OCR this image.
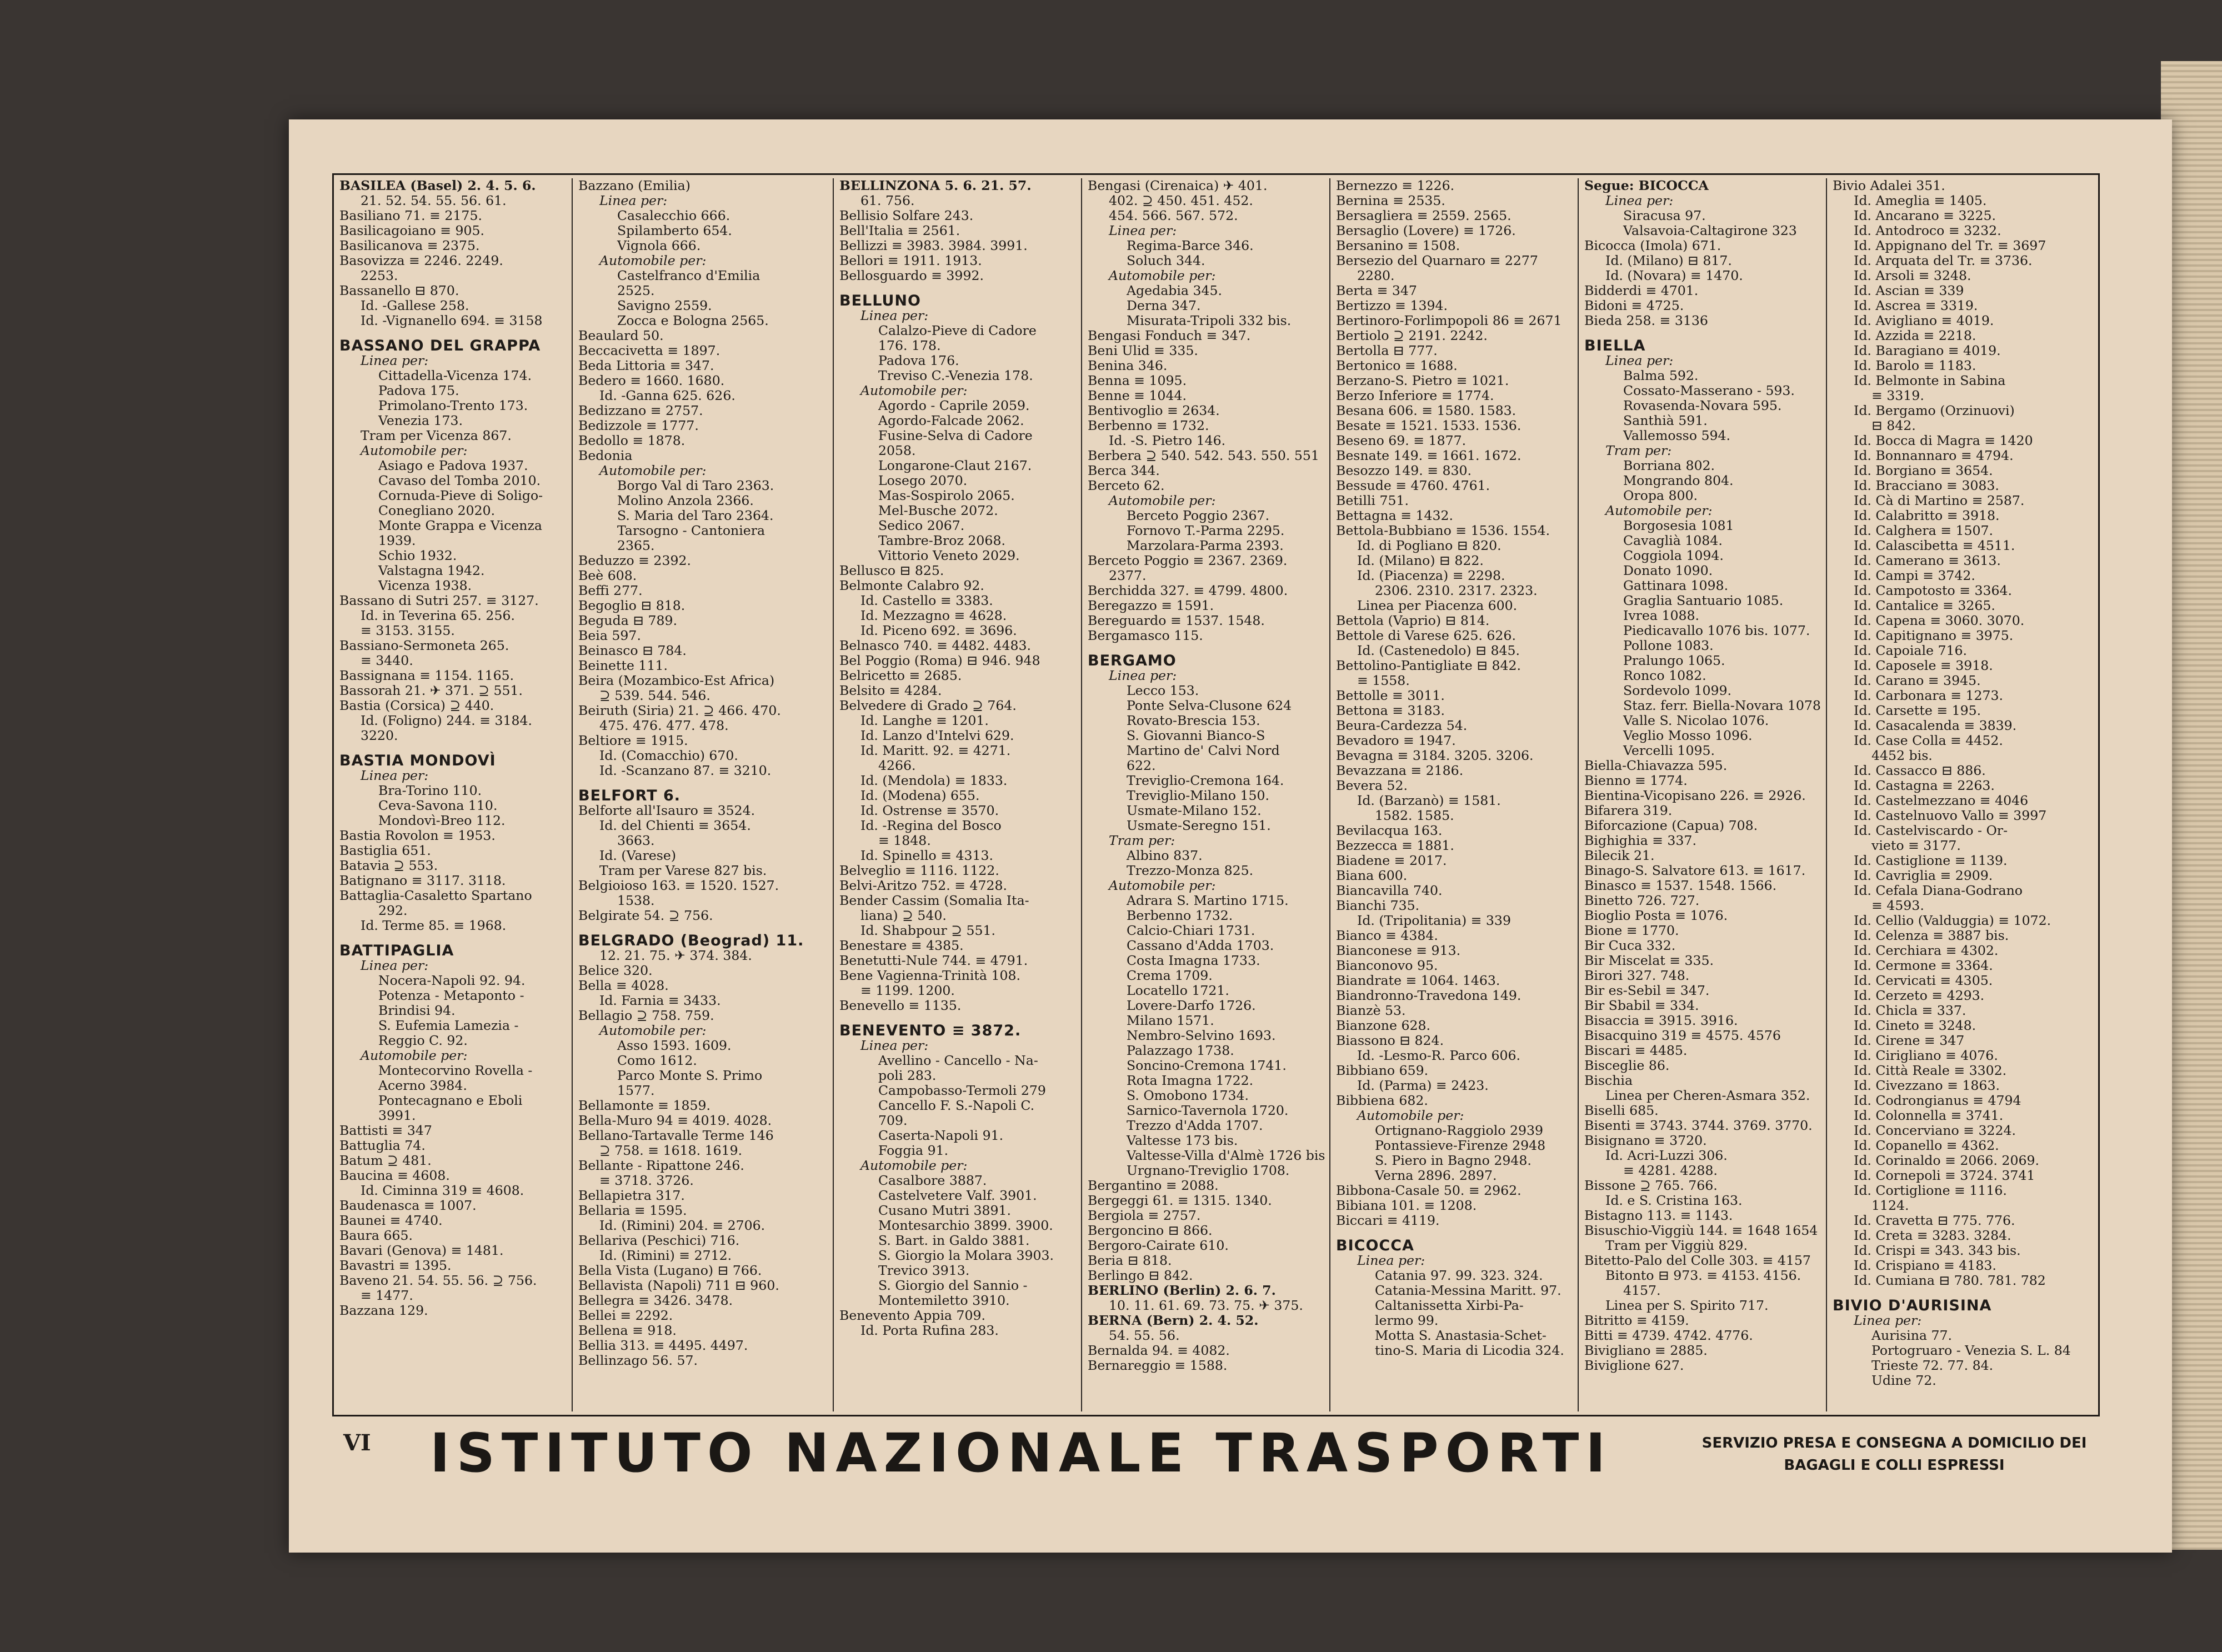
BASILEA (Basel) 2. 4. 5. 6.
21. 52. 54. 55. 56. 61.
Basiliano 71. ≡ 2175.
Basilicagoiano ≡ 905.
Basilicanova ≡ 2375.
Basovizza ≡ 2246. 2249.
2253.
Bassanello ⊟ 870.
Id. -Gallese 258.
Id. -Vignanello 694. ≡ 3158
BASSANO DEL GRAPPA
Linea per:
Cittadella-Vicenza 174.
Padova 175.
Primolano-Trento 173.
Venezia 173.
Tram per Vicenza 867.
Automobile per:
Asiago e Padova 1937.
Cavaso del Tomba 2010.
Cornuda-Pieve di Soligo-
Conegliano 2020.
Monte Grappa e Vicenza
1939.
Schio 1932.
Valstagna 1942.
Vicenza 1938.
Bassano di Sutri 257. ≡ 3127.
Id. in Teverina 65. 256.
≡ 3153. 3155.
Bassiano-Sermoneta 265.
≡ 3440.
Bassignana ≡ 1154. 1165.
Bassorah 21. ✈ 371. ⊇ 551.
Bastia (Corsica) ⊇ 440.
Id. (Foligno) 244. ≡ 3184.
3220.
BASTIA MONDOVÌ
Linea per:
Bra-Torino 110.
Ceva-Savona 110.
Mondovì-Breo 112.
Bastia Rovolon ≡ 1953.
Bastiglia 651.
Batavia ⊇ 553.
Batignano ≡ 3117. 3118.
Battaglia-Casaletto Spartano
292.
Id. Terme 85. ≡ 1968.
BATTIPAGLIA
Linea per:
Nocera-Napoli 92. 94.
Potenza - Metaponto -
Brindisi 94.
S. Eufemia Lamezia -
Reggio C. 92.
Automobile per:
Montecorvino Rovella -
Acerno 3984.
Pontecagnano e Eboli
3991.
Battisti ≡ 347
Battuglia 74.
Batum ⊇ 481.
Baucina ≡ 4608.
Id. Ciminna 319 ≡ 4608.
Baudenasca ≡ 1007.
Baunei ≡ 4740.
Baura 665.
Bavari (Genova) ≡ 1481.
Bavastri ≡ 1395.
Baveno 21. 54. 55. 56. ⊇ 756.
≡ 1477.
Bazzana 129.
Bazzano (Emilia)
Linea per:
Casalecchio 666.
Spilamberto 654.
Vignola 666.
Automobile per:
Castelfranco d'Emilia
2525.
Savigno 2559.
Zocca e Bologna 2565.
Beaulard 50.
Beccacivetta ≡ 1897.
Beda Littoria ≡ 347.
Bedero ≡ 1660. 1680.
Id. -Ganna 625. 626.
Bedizzano ≡ 2757.
Bedizzole ≡ 1777.
Bedollo ≡ 1878.
Bedonia
Automobile per:
Borgo Val di Taro 2363.
Molino Anzola 2366.
S. Maria del Taro 2364.
Tarsogno - Cantoniera
2365.
Beduzzo ≡ 2392.
Beè 608.
Beffi 277.
Begoglio ⊟ 818.
Beguda ⊟ 789.
Beia 597.
Beinasco ⊟ 784.
Beinette 111.
Beira (Mozambico-Est Africa)
⊇ 539. 544. 546.
Beiruth (Siria) 21. ⊇ 466. 470.
475. 476. 477. 478.
Beltiore ≡ 1915.
Id. (Comacchio) 670.
Id. -Scanzano 87. ≡ 3210.
BELFORT 6.
Belforte all'Isauro ≡ 3524.
Id. del Chienti ≡ 3654.
3663.
Id. (Varese)
Tram per Varese 827 bis.
Belgioioso 163. ≡ 1520. 1527.
1538.
Belgirate 54. ⊇ 756.
BELGRADO (Beograd) 11.
12. 21. 75. ✈ 374. 384.
Belice 320.
Bella ≡ 4028.
Id. Farnia ≡ 3433.
Bellagio ⊇ 758. 759.
Automobile per:
Asso 1593. 1609.
Como 1612.
Parco Monte S. Primo
1577.
Bellamonte ≡ 1859.
Bella-Muro 94 ≡ 4019. 4028.
Bellano-Tartavalle Terme 146
⊇ 758. ≡ 1618. 1619.
Bellante - Ripattone 246.
≡ 3718. 3726.
Bellapietra 317.
Bellaria ≡ 1595.
Id. (Rimini) 204. ≡ 2706.
Bellariva (Peschici) 716.
Id. (Rimini) ≡ 2712.
Bella Vista (Lugano) ⊟ 766.
Bellavista (Napoli) 711 ⊟ 960.
Bellegra ≡ 3426. 3478.
Bellei ≡ 2292.
Bellena ≡ 918.
Bellia 313. ≡ 4495. 4497.
Bellinzago 56. 57.
BELLINZONA 5. 6. 21. 57.
61. 756.
Bellisio Solfare 243.
Bell'Italia ≡ 2561.
Bellizzi ≡ 3983. 3984. 3991.
Bellori ≡ 1911. 1913.
Bellosguardo ≡ 3992.
BELLUNO
Linea per:
Calalzo-Pieve di Cadore
176. 178.
Padova 176.
Treviso C.-Venezia 178.
Automobile per:
Agordo - Caprile 2059.
Agordo-Falcade 2062.
Fusine-Selva di Cadore
2058.
Longarone-Claut 2167.
Losego 2070.
Mas-Sospirolo 2065.
Mel-Busche 2072.
Sedico 2067.
Tambre-Broz 2068.
Vittorio Veneto 2029.
Bellusco ⊟ 825.
Belmonte Calabro 92.
Id. Castello ≡ 3383.
Id. Mezzagno ≡ 4628.
Id. Piceno 692. ≡ 3696.
Belnasco 740. ≡ 4482. 4483.
Bel Poggio (Roma) ⊟ 946. 948
Belricetto ≡ 2685.
Belsito ≡ 4284.
Belvedere di Grado ⊇ 764.
Id. Langhe ≡ 1201.
Id. Lanzo d'Intelvi 629.
Id. Maritt. 92. ≡ 4271.
4266.
Id. (Mendola) ≡ 1833.
Id. (Modena) 655.
Id. Ostrense ≡ 3570.
Id. -Regina del Bosco
≡ 1848.
Id. Spinello ≡ 4313.
Belveglio ≡ 1116. 1122.
Belvi-Aritzo 752. ≡ 4728.
Bender Cassim (Somalia Ita-
liana) ⊇ 540.
Id. Shabpour ⊇ 551.
Benestare ≡ 4385.
Benetutti-Nule 744. ≡ 4791.
Bene Vagienna-Trinità 108.
≡ 1199. 1200.
Benevello ≡ 1135.
BENEVENTO ≡ 3872.
Linea per:
Avellino - Cancello - Na-
poli 283.
Campobasso-Termoli 279
Cancello F. S.-Napoli C.
709.
Caserta-Napoli 91.
Foggia 91.
Automobile per:
Casalbore 3887.
Castelvetere Valf. 3901.
Cusano Mutri 3891.
Montesarchio 3899. 3900.
S. Bart. in Galdo 3881.
S. Giorgio la Molara 3903.
Trevico 3913.
S. Giorgio del Sannio -
Montemiletto 3910.
Benevento Appia 709.
Id. Porta Rufina 283.
Bengasi (Cirenaica) ✈ 401.
402. ⊇ 450. 451. 452.
454. 566. 567. 572.
Linea per:
Regima-Barce 346.
Soluch 344.
Automobile per:
Agedabia 345.
Derna 347.
Misurata-Tripoli 332 bis.
Bengasi Fonduch ≡ 347.
Beni Ulid ≡ 335.
Benina 346.
Benna ≡ 1095.
Benne ≡ 1044.
Bentivoglio ≡ 2634.
Berbenno ≡ 1732.
Id. -S. Pietro 146.
Berbera ⊇ 540. 542. 543. 550. 551
Berca 344.
Berceto 62.
Automobile per:
Berceto Poggio 2367.
Fornovo T.-Parma 2295.
Marzolara-Parma 2393.
Berceto Poggio ≡ 2367. 2369.
2377.
Berchidda 327. ≡ 4799. 4800.
Beregazzo ≡ 1591.
Bereguardo ≡ 1537. 1548.
Bergamasco 115.
BERGAMO
Linea per:
Lecco 153.
Ponte Selva-Clusone 624
Rovato-Brescia 153.
S. Giovanni Bianco-S
Martino de' Calvi Nord
622.
Treviglio-Cremona 164.
Treviglio-Milano 150.
Usmate-Milano 152.
Usmate-Seregno 151.
Tram per:
Albino 837.
Trezzo-Monza 825.
Automobile per:
Adrara S. Martino 1715.
Berbenno 1732.
Calcio-Chiari 1731.
Cassano d'Adda 1703.
Costa Imagna 1733.
Crema 1709.
Locatello 1721.
Lovere-Darfo 1726.
Milano 1571.
Nembro-Selvino 1693.
Palazzago 1738.
Soncino-Cremona 1741.
Rota Imagna 1722.
S. Omobono 1734.
Sarnico-Tavernola 1720.
Trezzo d'Adda 1707.
Valtesse 173 bis.
Valtesse-Villa d'Almè 1726 bis
Urgnano-Treviglio 1708.
Bergantino ≡ 2088.
Bergeggi 61. ≡ 1315. 1340.
Bergiola ≡ 2757.
Bergoncino ⊟ 866.
Bergoro-Cairate 610.
Beria ⊟ 818.
Berlingo ⊟ 842.
BERLINO (Berlin) 2. 6. 7.
10. 11. 61. 69. 73. 75. ✈ 375.
BERNA (Bern) 2. 4. 52.
54. 55. 56.
Bernalda 94. ≡ 4082.
Bernareggio ≡ 1588.
Bernezzo ≡ 1226.
Bernina ≡ 2535.
Bersagliera ≡ 2559. 2565.
Bersaglio (Lovere) ≡ 1726.
Bersanino ≡ 1508.
Bersezio del Quarnaro ≡ 2277
2280.
Berta ≡ 347
Bertizzo ≡ 1394.
Bertinoro-Forlimpopoli 86 ≡ 2671
Bertiolo ⊇ 2191. 2242.
Bertolla ⊟ 777.
Bertonico ≡ 1688.
Berzano-S. Pietro ≡ 1021.
Berzo Inferiore ≡ 1774.
Besana 606. ≡ 1580. 1583.
Besate ≡ 1521. 1533. 1536.
Beseno 69. ≡ 1877.
Besnate 149. ≡ 1661. 1672.
Besozzo 149. ≡ 830.
Bessude ≡ 4760. 4761.
Betilli 751.
Bettagna ≡ 1432.
Bettola-Bubbiano ≡ 1536. 1554.
Id. di Pogliano ⊟ 820.
Id. (Milano) ⊟ 822.
Id. (Piacenza) ≡ 2298.
2306. 2310. 2317. 2323.
Linea per Piacenza 600.
Bettola (Vaprio) ⊟ 814.
Bettole di Varese 625. 626.
Id. (Castenedolo) ⊟ 845.
Bettolino-Pantigliate ⊟ 842.
≡ 1558.
Bettolle ≡ 3011.
Bettona ≡ 3183.
Beura-Cardezza 54.
Bevadoro ≡ 1947.
Bevagna ≡ 3184. 3205. 3206.
Bevazzana ≡ 2186.
Bevera 52.
Id. (Barzanò) ≡ 1581.
1582. 1585.
Bevilacqua 163.
Bezzecca ≡ 1881.
Biadene ≡ 2017.
Biana 600.
Biancavilla 740.
Bianchi 735.
Id. (Tripolitania) ≡ 339
Bianco ≡ 4384.
Bianconese ≡ 913.
Bianconovo 95.
Biandrate ≡ 1064. 1463.
Biandronno-Travedona 149.
Bianzè 53.
Bianzone 628.
Biassono ⊟ 824.
Id. -Lesmo-R. Parco 606.
Bibbiano 659.
Id. (Parma) ≡ 2423.
Bibbiena 682.
Automobile per:
Ortignano-Raggiolo 2939
Pontassieve-Firenze 2948
S. Piero in Bagno 2948.
Verna 2896. 2897.
Bibbona-Casale 50. ≡ 2962.
Bibiana 101. ≡ 1208.
Biccari ≡ 4119.
BICOCCA
Linea per:
Catania 97. 99. 323. 324.
Catania-Messina Maritt. 97.
Caltanissetta Xirbi-Pa-
lermo 99.
Motta S. Anastasia-Schet-
tino-S. Maria di Licodia 324.
Segue: BICOCCA
Linea per:
Siracusa 97.
Valsavoia-Caltagirone 323
Bicocca (Imola) 671.
Id. (Milano) ⊟ 817.
Id. (Novara) ≡ 1470.
Bidderdi ≡ 4701.
Bidoni ≡ 4725.
Bieda 258. ≡ 3136
BIELLA
Linea per:
Balma 592.
Cossato-Masserano - 593.
Rovasenda-Novara 595.
Santhià 591.
Vallemosso 594.
Tram per:
Borriana 802.
Mongrando 804.
Oropa 800.
Automobile per:
Borgosesia 1081
Cavaglià 1084.
Coggiola 1094.
Donato 1090.
Gattinara 1098.
Graglia Santuario 1085.
Ivrea 1088.
Piedicavallo 1076 bis. 1077.
Pollone 1083.
Pralungo 1065.
Ronco 1082.
Sordevolo 1099.
Staz. ferr. Biella-Novara 1078
Valle S. Nicolao 1076.
Veglio Mosso 1096.
Vercelli 1095.
Biella-Chiavazza 595.
Bienno ≡ 1774.
Bientina-Vicopisano 226. ≡ 2926.
Bifarera 319.
Biforcazione (Capua) 708.
Bighighia ≡ 337.
Bilecik 21.
Binago-S. Salvatore 613. ≡ 1617.
Binasco ≡ 1537. 1548. 1566.
Binetto 726. 727.
Bioglio Posta ≡ 1076.
Bione ≡ 1770.
Bir Cuca 332.
Bir Miscelat ≡ 335.
Birori 327. 748.
Bir es-Sebil ≡ 347.
Bir Sbabil ≡ 334.
Bisaccia ≡ 3915. 3916.
Bisacquino 319 ≡ 4575. 4576
Biscari ≡ 4485.
Bisceglie 86.
Bischia
Linea per Cheren-Asmara 352.
Biselli 685.
Bisenti ≡ 3743. 3744. 3769. 3770.
Bisignano ≡ 3720.
Id. Acri-Luzzi 306.
≡ 4281. 4288.
Bissone ⊇ 765. 766.
Id. e S. Cristina 163.
Bistagno 113. ≡ 1143.
Bisuschio-Viggiù 144. ≡ 1648 1654
Tram per Viggiù 829.
Bitetto-Palo del Colle 303. ≡ 4157
Bitonto ⊟ 973. ≡ 4153. 4156.
4157.
Linea per S. Spirito 717.
Bitritto ≡ 4159.
Bitti ≡ 4739. 4742. 4776.
Bivigliano ≡ 2885.
Biviglione 627.
Bivio Adalei 351.
Id. Amegliа ≡ 1405.
Id. Ancarano ≡ 3225.
Id. Antodroco ≡ 3232.
Id. Appignano del Tr. ≡ 3697
Id. Arquata del Tr. ≡ 3736.
Id. Arsoli ≡ 3248.
Id. Ascian ≡ 339
Id. Ascrea ≡ 3319.
Id. Avigliano ≡ 4019.
Id. Azzida ≡ 2218.
Id. Baragiano ≡ 4019.
Id. Barolo ≡ 1183.
Id. Belmonte in Sabina
≡ 3319.
Id. Bergamo (Orzinuovi)
⊟ 842.
Id. Bocca di Magra ≡ 1420
Id. Bonnannaro ≡ 4794.
Id. Borgiano ≡ 3654.
Id. Bracciano ≡ 3083.
Id. Cà di Martino ≡ 2587.
Id. Calabritto ≡ 3918.
Id. Calghera ≡ 1507.
Id. Calascibetta ≡ 4511.
Id. Camerano ≡ 3613.
Id. Campi ≡ 3742.
Id. Campotosto ≡ 3364.
Id. Cantalice ≡ 3265.
Id. Capena ≡ 3060. 3070.
Id. Capitignano ≡ 3975.
Id. Capoiale 716.
Id. Caposele ≡ 3918.
Id. Carano ≡ 3945.
Id. Carbonara ≡ 1273.
Id. Carsette ≡ 195.
Id. Casacalenda ≡ 3839.
Id. Case Colla ≡ 4452.
4452 bis.
Id. Cassacco ⊟ 886.
Id. Castagna ≡ 2263.
Id. Castelmezzano ≡ 4046
Id. Castelnuovo Vallo ≡ 3997
Id. Castelviscardo - Or-
vieto ≡ 3177.
Id. Castiglione ≡ 1139.
Id. Cavriglia ≡ 2909.
Id. Cefala Diana-Godrano
≡ 4593.
Id. Cellio (Valduggia) ≡ 1072.
Id. Celenza ≡ 3887 bis.
Id. Cerchiara ≡ 4302.
Id. Cermone ≡ 3364.
Id. Cervicati ≡ 4305.
Id. Cerzeto ≡ 4293.
Id. Chicla ≡ 337.
Id. Cineto ≡ 3248.
Id. Cirene ≡ 347
Id. Cirigliano ≡ 4076.
Id. Città Reale ≡ 3302.
Id. Civezzano ≡ 1863.
Id. Codrongianus ≡ 4794
Id. Colonnella ≡ 3741.
Id. Concerviano ≡ 3224.
Id. Copanello ≡ 4362.
Id. Corinaldo ≡ 2066. 2069.
Id. Cornepoli ≡ 3724. 3741
Id. Cortiglione ≡ 1116.
1124.
Id. Cravetta ⊟ 775. 776.
Id. Creta ≡ 3283. 3284.
Id. Crispi ≡ 343. 343 bis.
Id. Crispiano ≡ 4183.
Id. Cumiana ⊟ 780. 781. 782
BIVIO D'AURISINA
Linea per:
Aurisina 77.
Portogruaro - Venezia S. L. 84
Trieste 72. 77. 84.
Udine 72.
VI ISTITUTO NAZIONALE TRASPORTI	SERVIZIO PRESA E CONSEGNA A DOMICILIO DEI BAGAGLI E COLLI ESPRESSI
